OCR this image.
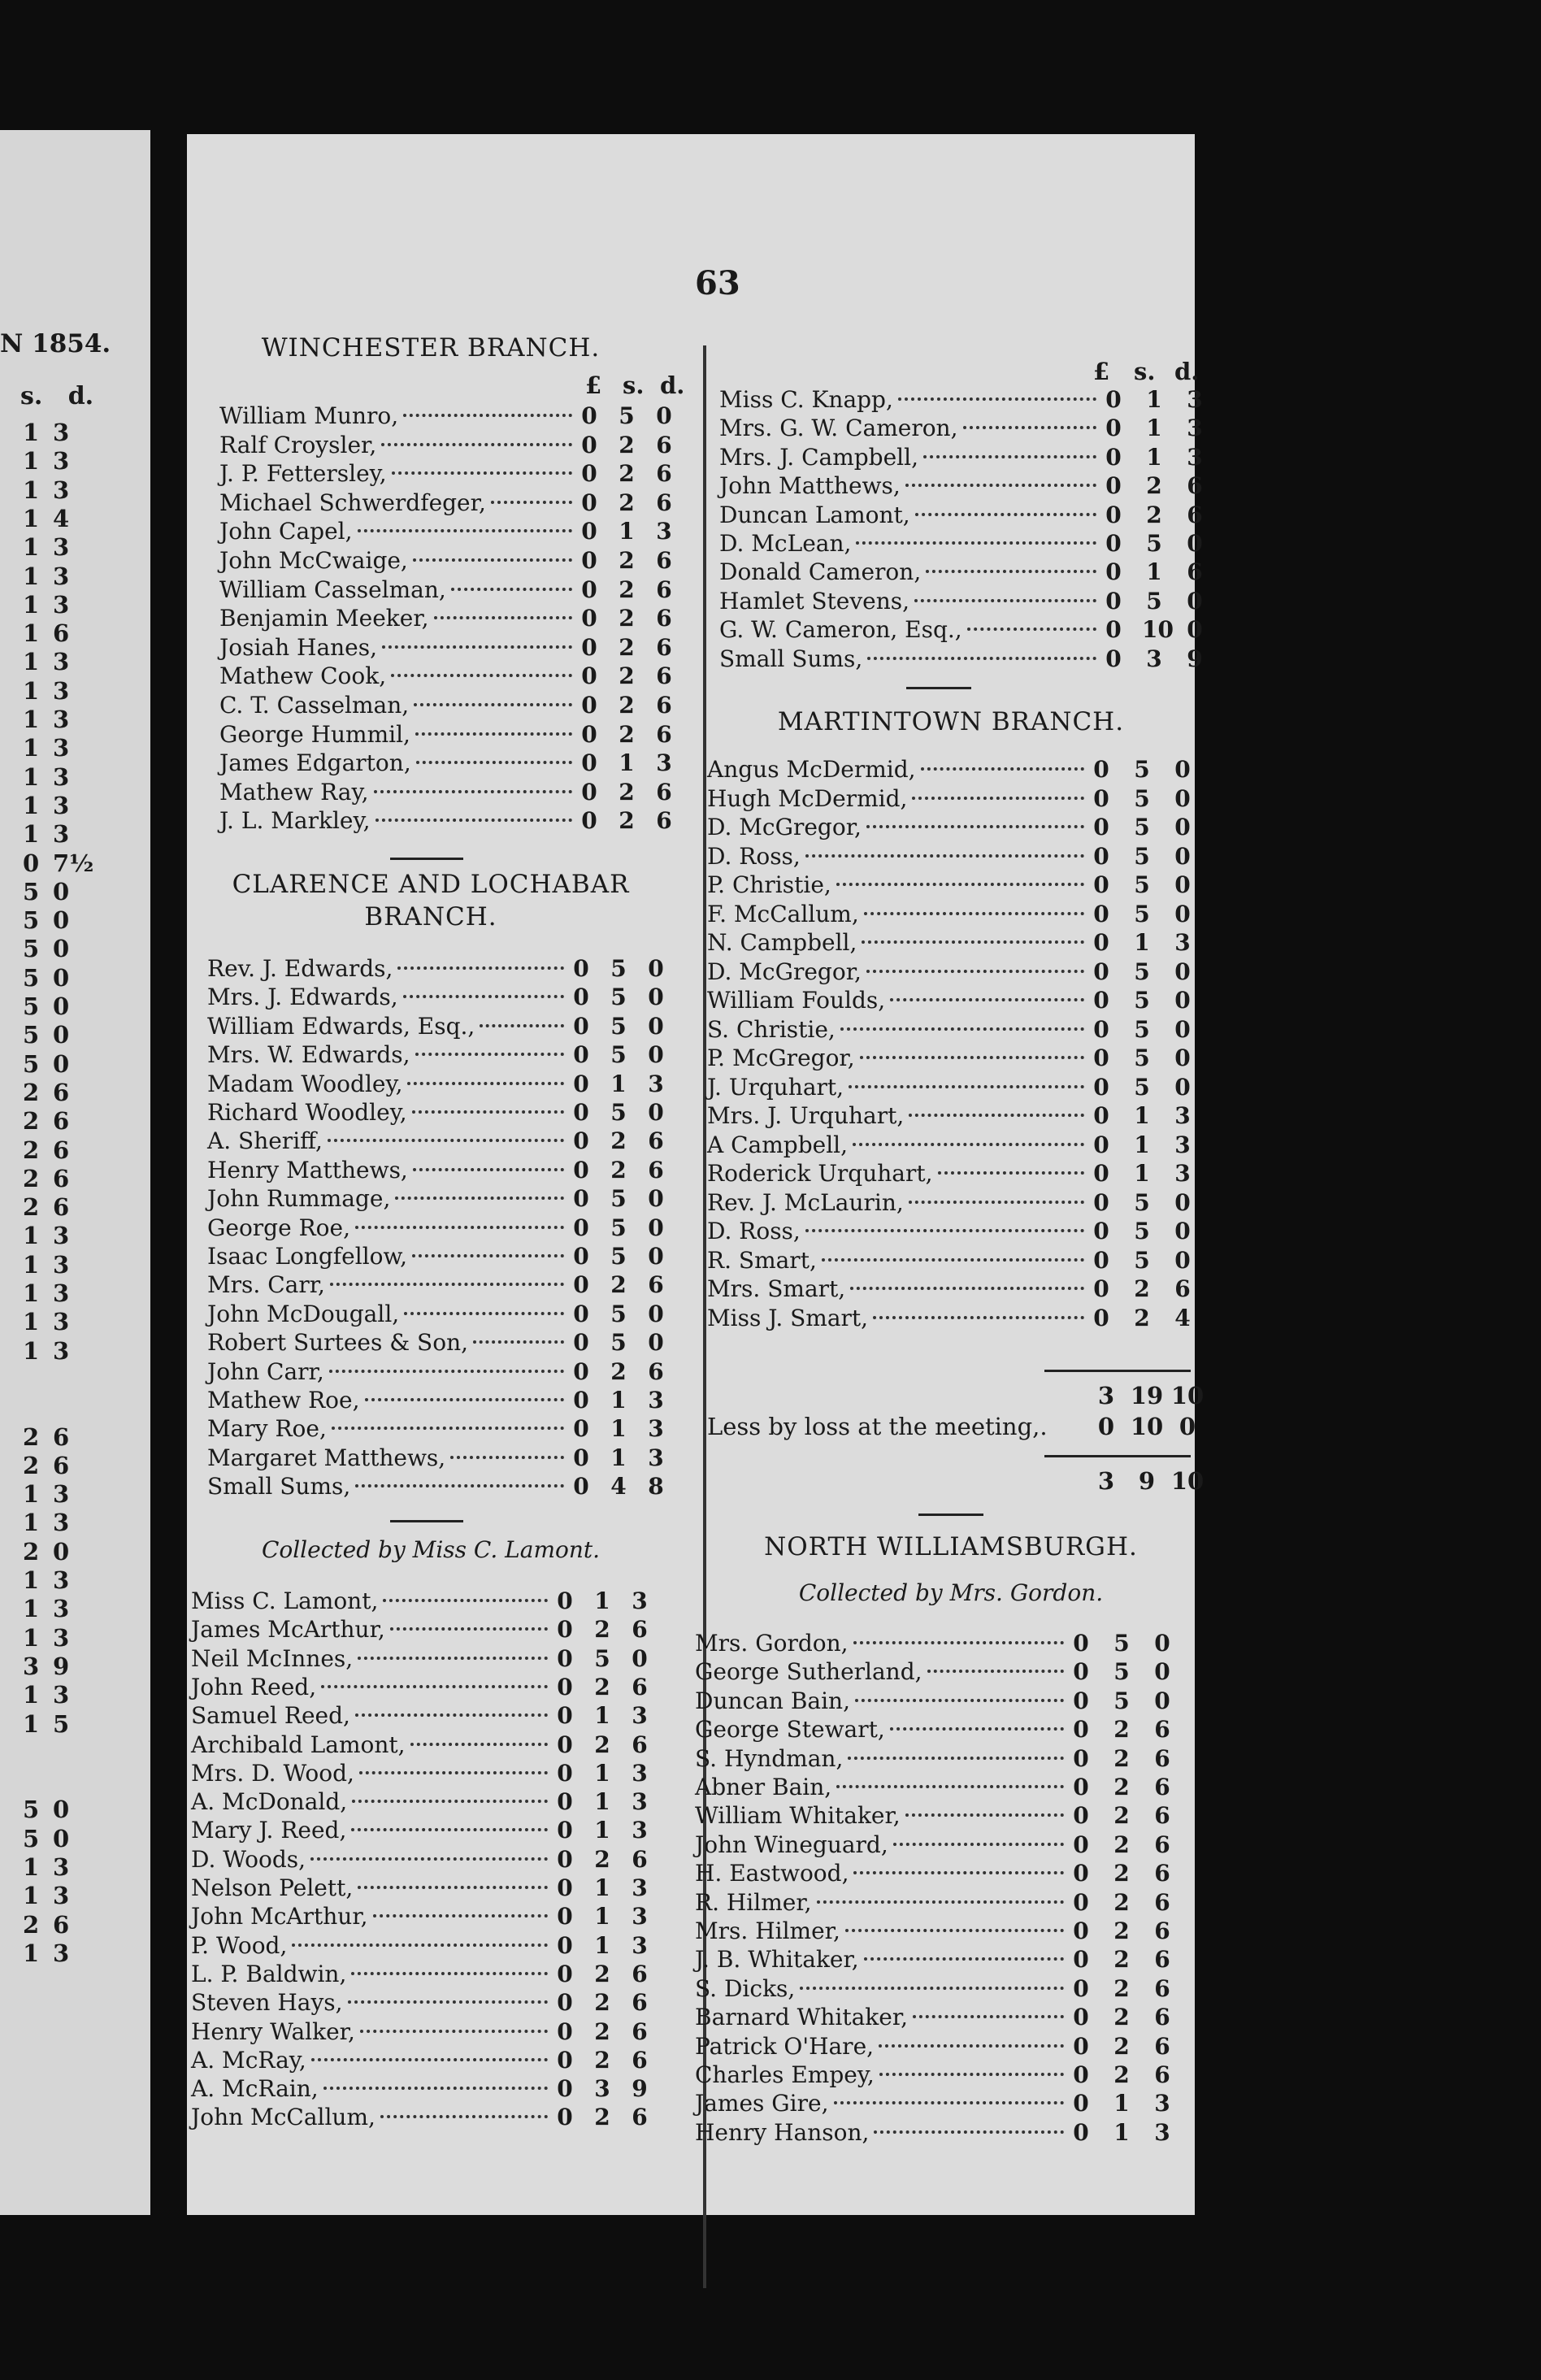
N 1854.
s. d.
1 3
1 3
1 3
1 4
1 3
1 3
1 3
1 6
1 3
1 3
1 3
1 3
1 3
1 3
1 3
0 7½
5 0
5 0
5 0
5 0
5 0
5 0
5 0
2 6
2 6
2 6
2 6
2 6
1 3
1 3
1 3
1 3
1 3
2 6
2 6
1 3
1 3
2 0
1 3
1 3
1 3
3 9
1 3
1 5
5 0
5 0
1 3
1 3
2 6
1 3
63
WINCHESTER BRANCH.
£ s. d.
William Munro,	0 5 0
Ralf Croysler,	0 2 6
J. P. Fettersley,	0 2 6
Michael Schwerdfeger,	0 2 6
John Capel,	0 1 3
John McCwaige,	0 2 6
William Casselman,	0 2 6
Benjamin Meeker,	0 2 6
Josiah Hanes,	0 2 6
Mathew Cook,	0 2 6
C. T. Casselman,	0 2 6
George Hummil,	0 2 6
James Edgarton,	0 1 3
Mathew Ray,	0 2 6
J. L. Markley,	0 2 6
CLARENCE AND LOCHABAR
BRANCH.
Rev. J. Edwards,	0 5 0
Mrs. J. Edwards,	0 5 0
William Edwards, Esq.,	0 5 0
Mrs. W. Edwards,	0 5 0
Madam Woodley,	0 1 3
Richard Woodley,	0 5 0
A. Sheriff,	0 2 6
Henry Matthews,	0 2 6
John Rummage,	0 5 0
George Roe,	0 5 0
Isaac Longfellow,	0 5 0
Mrs. Carr,	0 2 6
John McDougall,	0 5 0
Robert Surtees & Son,	0 5 0
John Carr,	0 2 6
Mathew Roe,	0 1 3
Mary Roe,	0 1 3
Margaret Matthews,	0 1 3
Small Sums,	0 4 8
Collected by Miss C. Lamont.
Miss C. Lamont,	0 1 3
James McArthur,	0 2 6
Neil McInnes,	0 5 0
John Reed,	0 2 6
Samuel Reed,	0 1 3
Archibald Lamont,	0 2 6
Mrs. D. Wood,	0 1 3
A. McDonald,	0 1 3
Mary J. Reed,	0 1 3
D. Woods,	0 2 6
Nelson Pelett,	0 1 3
John McArthur,	0 1 3
P. Wood,	0 1 3
L. P. Baldwin,	0 2 6
Steven Hays,	0 2 6
Henry Walker,	0 2 6
A. McRay,	0 2 6
A. McRain,	0 3 9
John McCallum,	0 2 6
£ s. d.
Miss C. Knapp,	0 1 3
Mrs. G. W. Cameron,	0 1 3
Mrs. J. Campbell,	0 1 3
John Matthews,	0 2 6
Duncan Lamont,	0 2 6
D. McLean,	0 5 0
Donald Cameron,	0 1 6
Hamlet Stevens,	0 5 0
G. W. Cameron, Esq.,	0 10 0
Small Sums,	0 3 9
MARTINTOWN BRANCH.
Angus McDermid,	0 5 0
Hugh McDermid,	0 5 0
D. McGregor,	0 5 0
D. Ross,	0 5 0
P. Christie,	0 5 0
F. McCallum,	0 5 0
N. Campbell,	0 1 3
D. McGregor,	0 5 0
William Foulds,	0 5 0
S. Christie,	0 5 0
P. McGregor,	0 5 0
J. Urquhart,	0 5 0
Mrs. J. Urquhart,	0 1 3
A Campbell,	0 1 3
Roderick Urquhart,	0 1 3
Rev. J. McLaurin,	0 5 0
D. Ross,	0 5 0
R. Smart,	0 5 0
Mrs. Smart,	0 2 6
Miss J. Smart,	0 2 4
3 19 10
Less by loss at the meeting,.	0 10 0
3	9 10
NORTH WILLIAMSBURGH.
Collected by Mrs. Gordon.
Mrs. Gordon,	0 5 0
George Sutherland,	0 5 0
Duncan Bain,	0 5 0
George Stewart,	0 2 6
S. Hyndman,	0 2 6
Abner Bain,	0 2 6
William Whitaker,	0 2 6
John Wineguard,	0 2 6
H. Eastwood,	0 2 6
R. Hilmer,	0 2 6
Mrs. Hilmer,	0 2 6
J. B. Whitaker,	0 2 6
S. Dicks,	0 2 6
Barnard Whitaker,	0 2 6
Patrick O'Hare,	0 2 6
Charles Empey,	0 2 6
James Gire,	0 1 3
Henry Hanson,	0 1 3
